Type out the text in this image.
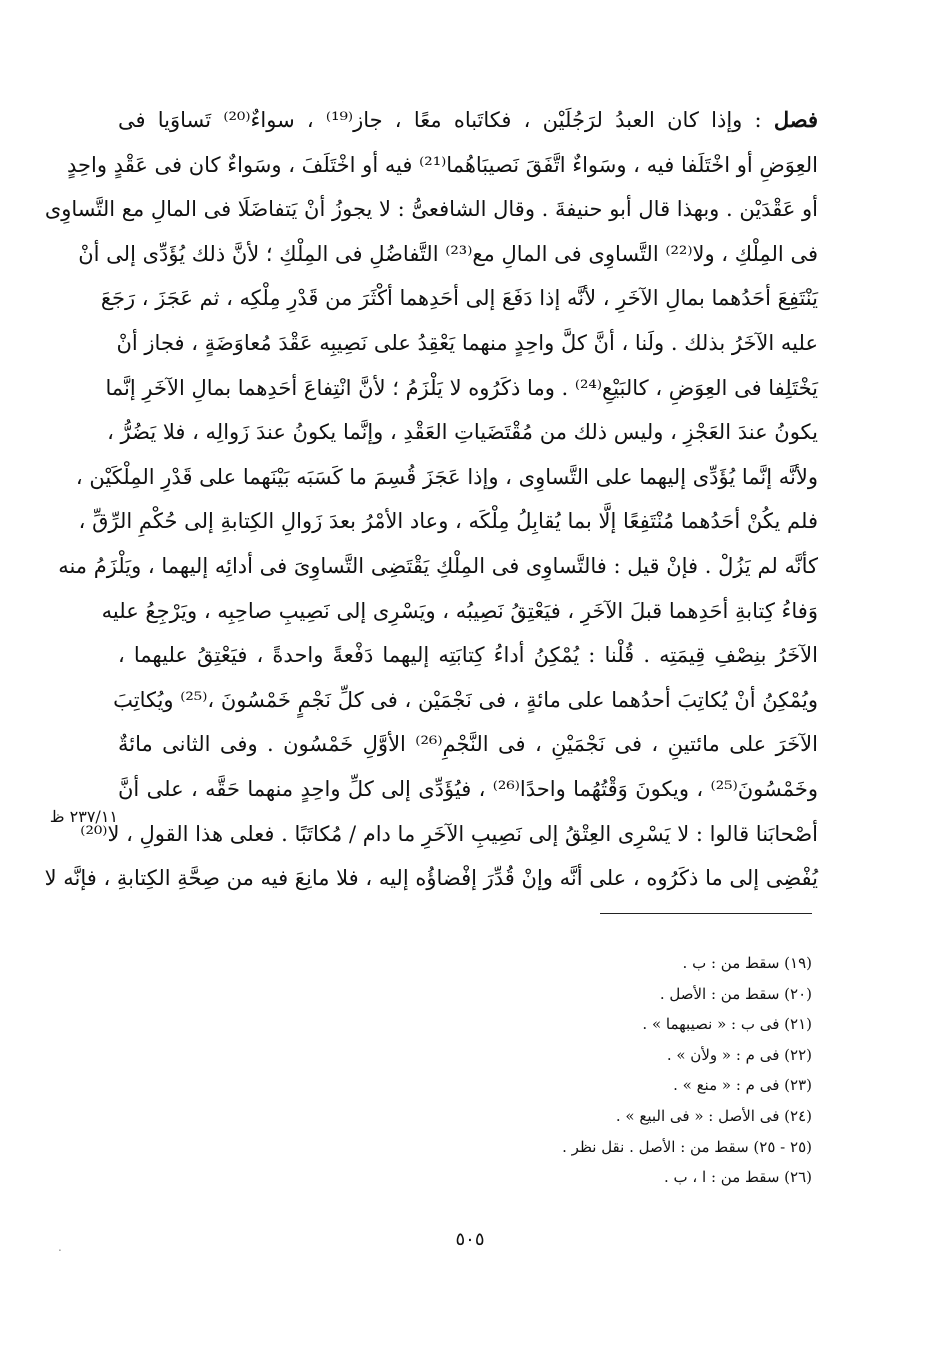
فصل : وإذا كان العبدُ لرَجُلَيْن ، فكاتَباه معًا ، جاز⁽¹⁹⁾ ، سواءٌ⁽²⁰⁾ تَساوَيا فى
العِوَضِ أو اخْتَلَفا فيه ، وسَواءٌ اتَّفَقَ نَصيبَاهُما⁽²¹⁾ فيه أو اخْتَلَفَ ، وسَواءٌ كان فى عَقْدٍ واحِدٍ
أو عَقْدَيْن . وبهذا قال أبو حنيفةَ . وقال الشافعىُّ : لا يجوزُ أنْ يَتفاضَلَا فى المالِ مع التَّساوِى
فى المِلْكِ ، ولا⁽²²⁾ التَّساوِى فى المالِ مع⁽²³⁾ التَّفاضُلِ فى المِلْكِ ؛ لأنَّ ذلك يُؤَدِّى إلى أنْ
يَنْتَفِعَ أحَدُهما بمالِ الآخَرِ ، لأنَّه إذا دَفَعَ إلى أحَدِهما أكْثَرَ من قَدْرِ مِلْكِه ، ثم عَجَزَ ، رَجَعَ
عليه الآخَرُ بذلك . ولَنا ، أنَّ كلَّ واحِدٍ منهما يَعْقِدُ على نَصِيبِه عَقْدَ مُعاوَضَةٍ ، فجاز أنْ
يَخْتَلِفا فى العِوَضِ ، كالبَيْعِ⁽²⁴⁾ . وما ذكَرُوه لا يَلْزَمُ ؛ لأنَّ انْتِفاعَ أحَدِهما بمالِ الآخَرِ إنَّما
يكونُ عندَ العَجْزِ ، وليس ذلك من مُقْتَضَياتِ العَقْدِ ، وإنَّما يكونُ عندَ زَوالِه ، فلا يَضُرُّ ،
ولأنَّه إنَّما يُؤَدِّى إليهما على التَّساوِى ، وإذا عَجَزَ قُسِمَ ما كَسَبَه بَيْنَهما على قَدْرِ المِلْكَيْن ،
فلم يكُنْ أحَدُهما مُنْتَفِعًا إلَّا بما يُقابِلُ مِلْكَه ، وعاد الأمْرُ بعدَ زَوالِ الكِتابةِ إلى حُكْمِ الرِّقِّ ،
كأنَّه لم يَزُلْ . فإنْ قيل : فالتَّساوِى فى المِلْكِ يَقْتَضِى التَّساوِىَ فى أدائِه إليهما ، ويَلْزَمُ منه
وَفاءُ كِتابةِ أحَدِهما قبلَ الآخَرِ ، فيَعْتِقُ نَصِيبُه ، ويَسْرِى إلى نَصِيبِ صاحِبِه ، ويَرْجِعُ عليه
الآخَرُ بنِصْفِ قِيمَتِه . قُلْنا : يُمْكِنُ أداءُ كِتابَتِه إليهما دَفْعةً واحدةً ، فيَعْتِقُ عليهما ،
ويُمْكِنُ أنْ يُكاتِبَ أحدُهما على مائةٍ ، فى نَجْمَيْن ، فى كلِّ نَجْمٍ خَمْسُونَ ،⁽²⁵⁾ ويُكاتِبَ
الآخَرَ على مائتينِ ، فى نَجْمَيْنِ ، فى النَّجْمِ⁽²⁶⁾ الأوَّلِ خَمْسُون . وفى الثانى مائةٌ
وخَمْسُونَ⁽²⁵⁾ ، ويكونَ وَقْتُهُما واحدًا⁽²⁶⁾ ، فيُؤَدِّى إلى كلِّ واحِدٍ منهما حَقَّه ، على أنَّ
أصْحابَنا قالوا : لا يَسْرِى العِتْقُ إلى نَصِيبِ الآخَرِ ما دام / مُكاتَبًا . فعلى هذا القولِ ، لا⁽²⁰⁾
يُفْضِى إلى ما ذكَرُوه ، على أنَّه وإنْ قُدِّرَ إفْضاؤُه إليه ، فلا مانِعَ فيه من صِحَّةِ الكِتابةِ ، فإنَّه لا
٢٣٧/١١ ظ
(١٩) سقط من : ب .
(٢٠) سقط من : الأصل .
(٢١) فى ب : « نصيبهما » .
(٢٢) فى م : « ولأن » .
(٢٣) فى م : « منع » .
(٢٤) فى الأصل : « فى البيع » .
(٢٥ - ٢٥) سقط من : الأصل . نقل نظر .
(٢٦) سقط من : ا ، ب .
٥٠٥
.
